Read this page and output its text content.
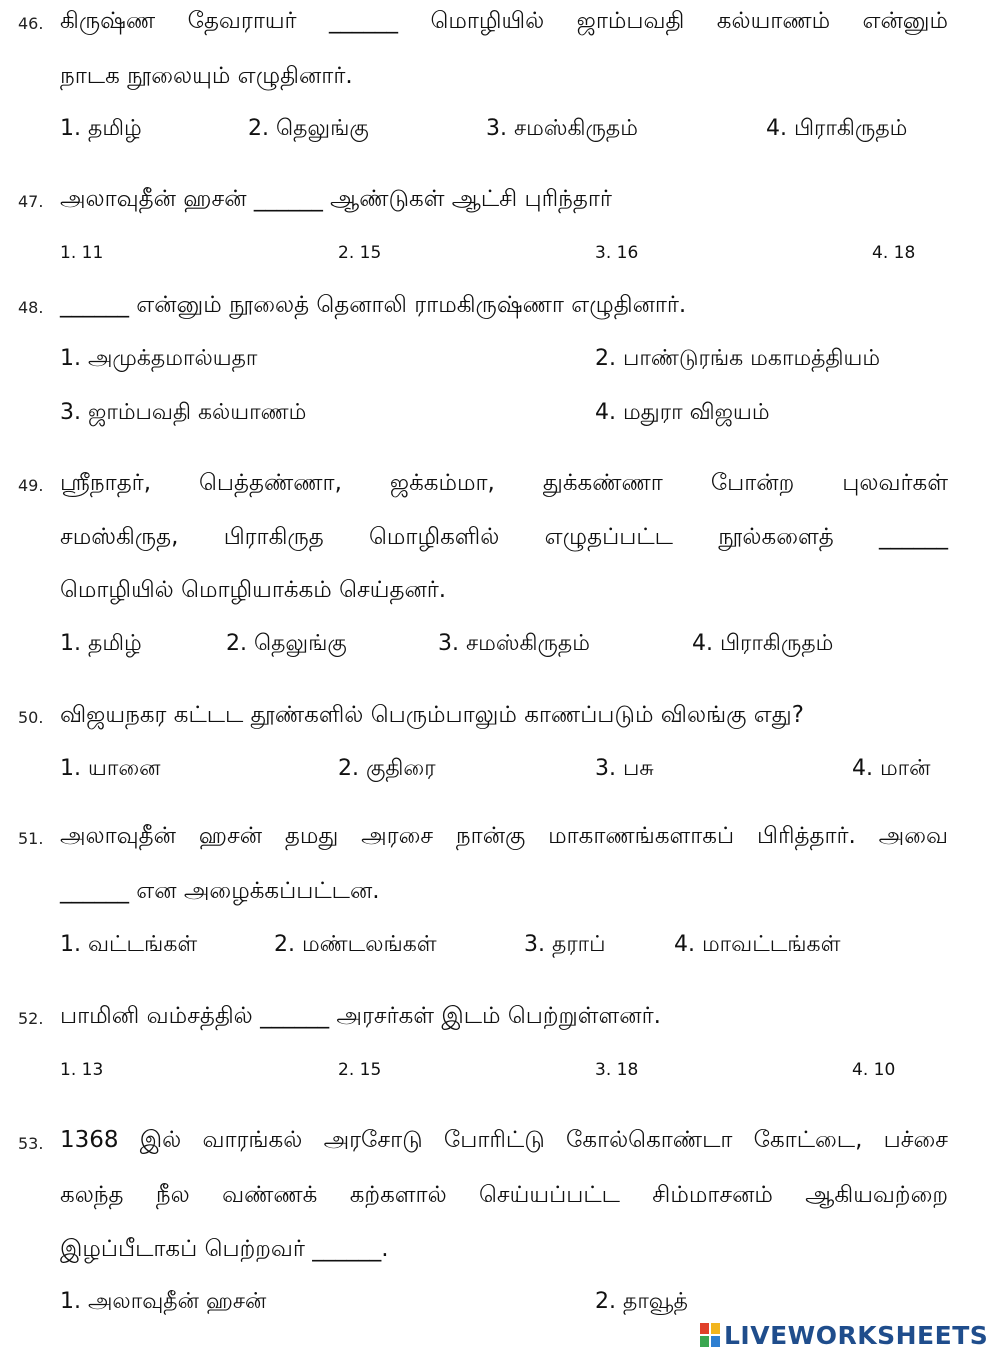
46. கிருஷ்ண தேவராயர் ______ மொழியில் ஜாம்பவதி கல்யாணம் என்னும்
நாடக நூலையும் எழுதினார்.
1. தமிழ்	2. தெலுங்கு	3. சமஸ்கிருதம்	4. பிராகிருதம்
47. அலாவுதீன் ஹசன் ______ ஆண்டுகள் ஆட்சி புரிந்தார்
1. 11	2. 15	3. 16	4. 18
48. ______ என்னும் நூலைத் தெனாலி ராமகிருஷ்ணா எழுதினார்.
1. அமுக்தமால்யதா	2. பாண்டுரங்க மகாமத்தியம்
3. ஜாம்பவதி கல்யாணம்	4. மதுரா விஜயம்
49. ஸ்ரீநாதர், பெத்தண்ணா, ஜக்கம்மா, துக்கண்ணா போன்ற புலவர்கள்
சமஸ்கிருத, பிராகிருத மொழிகளில் எழுதப்பட்ட நூல்களைத் ______
மொழியில் மொழியாக்கம் செய்தனர்.
1. தமிழ்	2. தெலுங்கு	3. சமஸ்கிருதம்	4. பிராகிருதம்
50. விஜயநகர கட்டட தூண்களில் பெரும்பாலும் காணப்படும் விலங்கு எது?
1. யானை	2. குதிரை	3. பசு	4. மான்
51. அலாவுதீன் ஹசன் தமது அரசை நான்கு மாகாணங்களாகப் பிரித்தார். அவை
______ என அழைக்கப்பட்டன.
1. வட்டங்கள்	2. மண்டலங்கள்	3. தராப்	4. மாவட்டங்கள்
52. பாமினி வம்சத்தில் ______ அரசர்கள் இடம் பெற்றுள்ளனர்.
1. 13	2. 15	3. 18	4. 10
53. 1368 இல் வாரங்கல் அரசோடு போரிட்டு கோல்கொண்டா கோட்டை, பச்சை
கலந்த நீல வண்ணக் கற்களால் செய்யப்பட்ட சிம்மாசனம் ஆகியவற்றை
இழப்பீடாகப் பெற்றவர் ______.
1. அலாவுதீன் ஹசன்	2. தாவூத்
LIVEWORKSHEETS
